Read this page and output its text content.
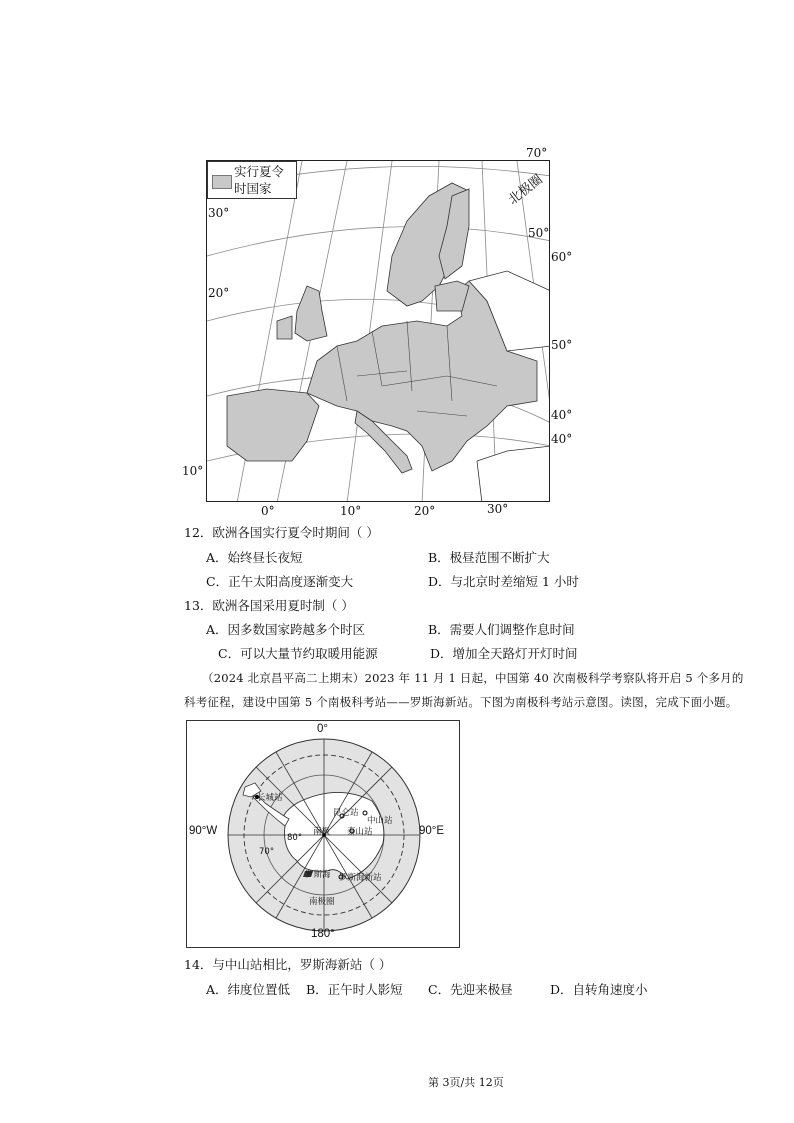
实行夏令
时国家	北极圈
70°
30°
50°
60°
20°
50°
40°
40°
10°
0°	10°	20°	30°
12．欧洲各国实行夏令时期间（ ）
A．始终昼长夜短	B．极昼范围不断扩大
C．正午太阳高度逐渐变大	D．与北京时差缩短 1 小时
13．欧洲各国采用夏时制（ ）
A．因多数国家跨越多个时区	B．需要人们调整作息时间
C．可以大量节约取暖用能源	D．增加全天路灯开灯时间
（2024 北京昌平高二上期末）2023 年 11 月 1 日起，中国第 40 次南极科学考察队将开启 5 个多月的
科考征程，建设中国第 5 个南极科考站——罗斯海新站。下图为南极科考站示意图。读图，完成下面小题。
0°
180°
90°W	90°E
长城站
昆仑站
中山站
泰山站
南极
罗斯海 罗斯海新站
南极圈
70°
80°
14．与中山站相比，罗斯海新站（ ）
A．纬度位置低 B．正午时人影短 C．先迎来极昼	D．自转角速度小
第 3页/共 12页
